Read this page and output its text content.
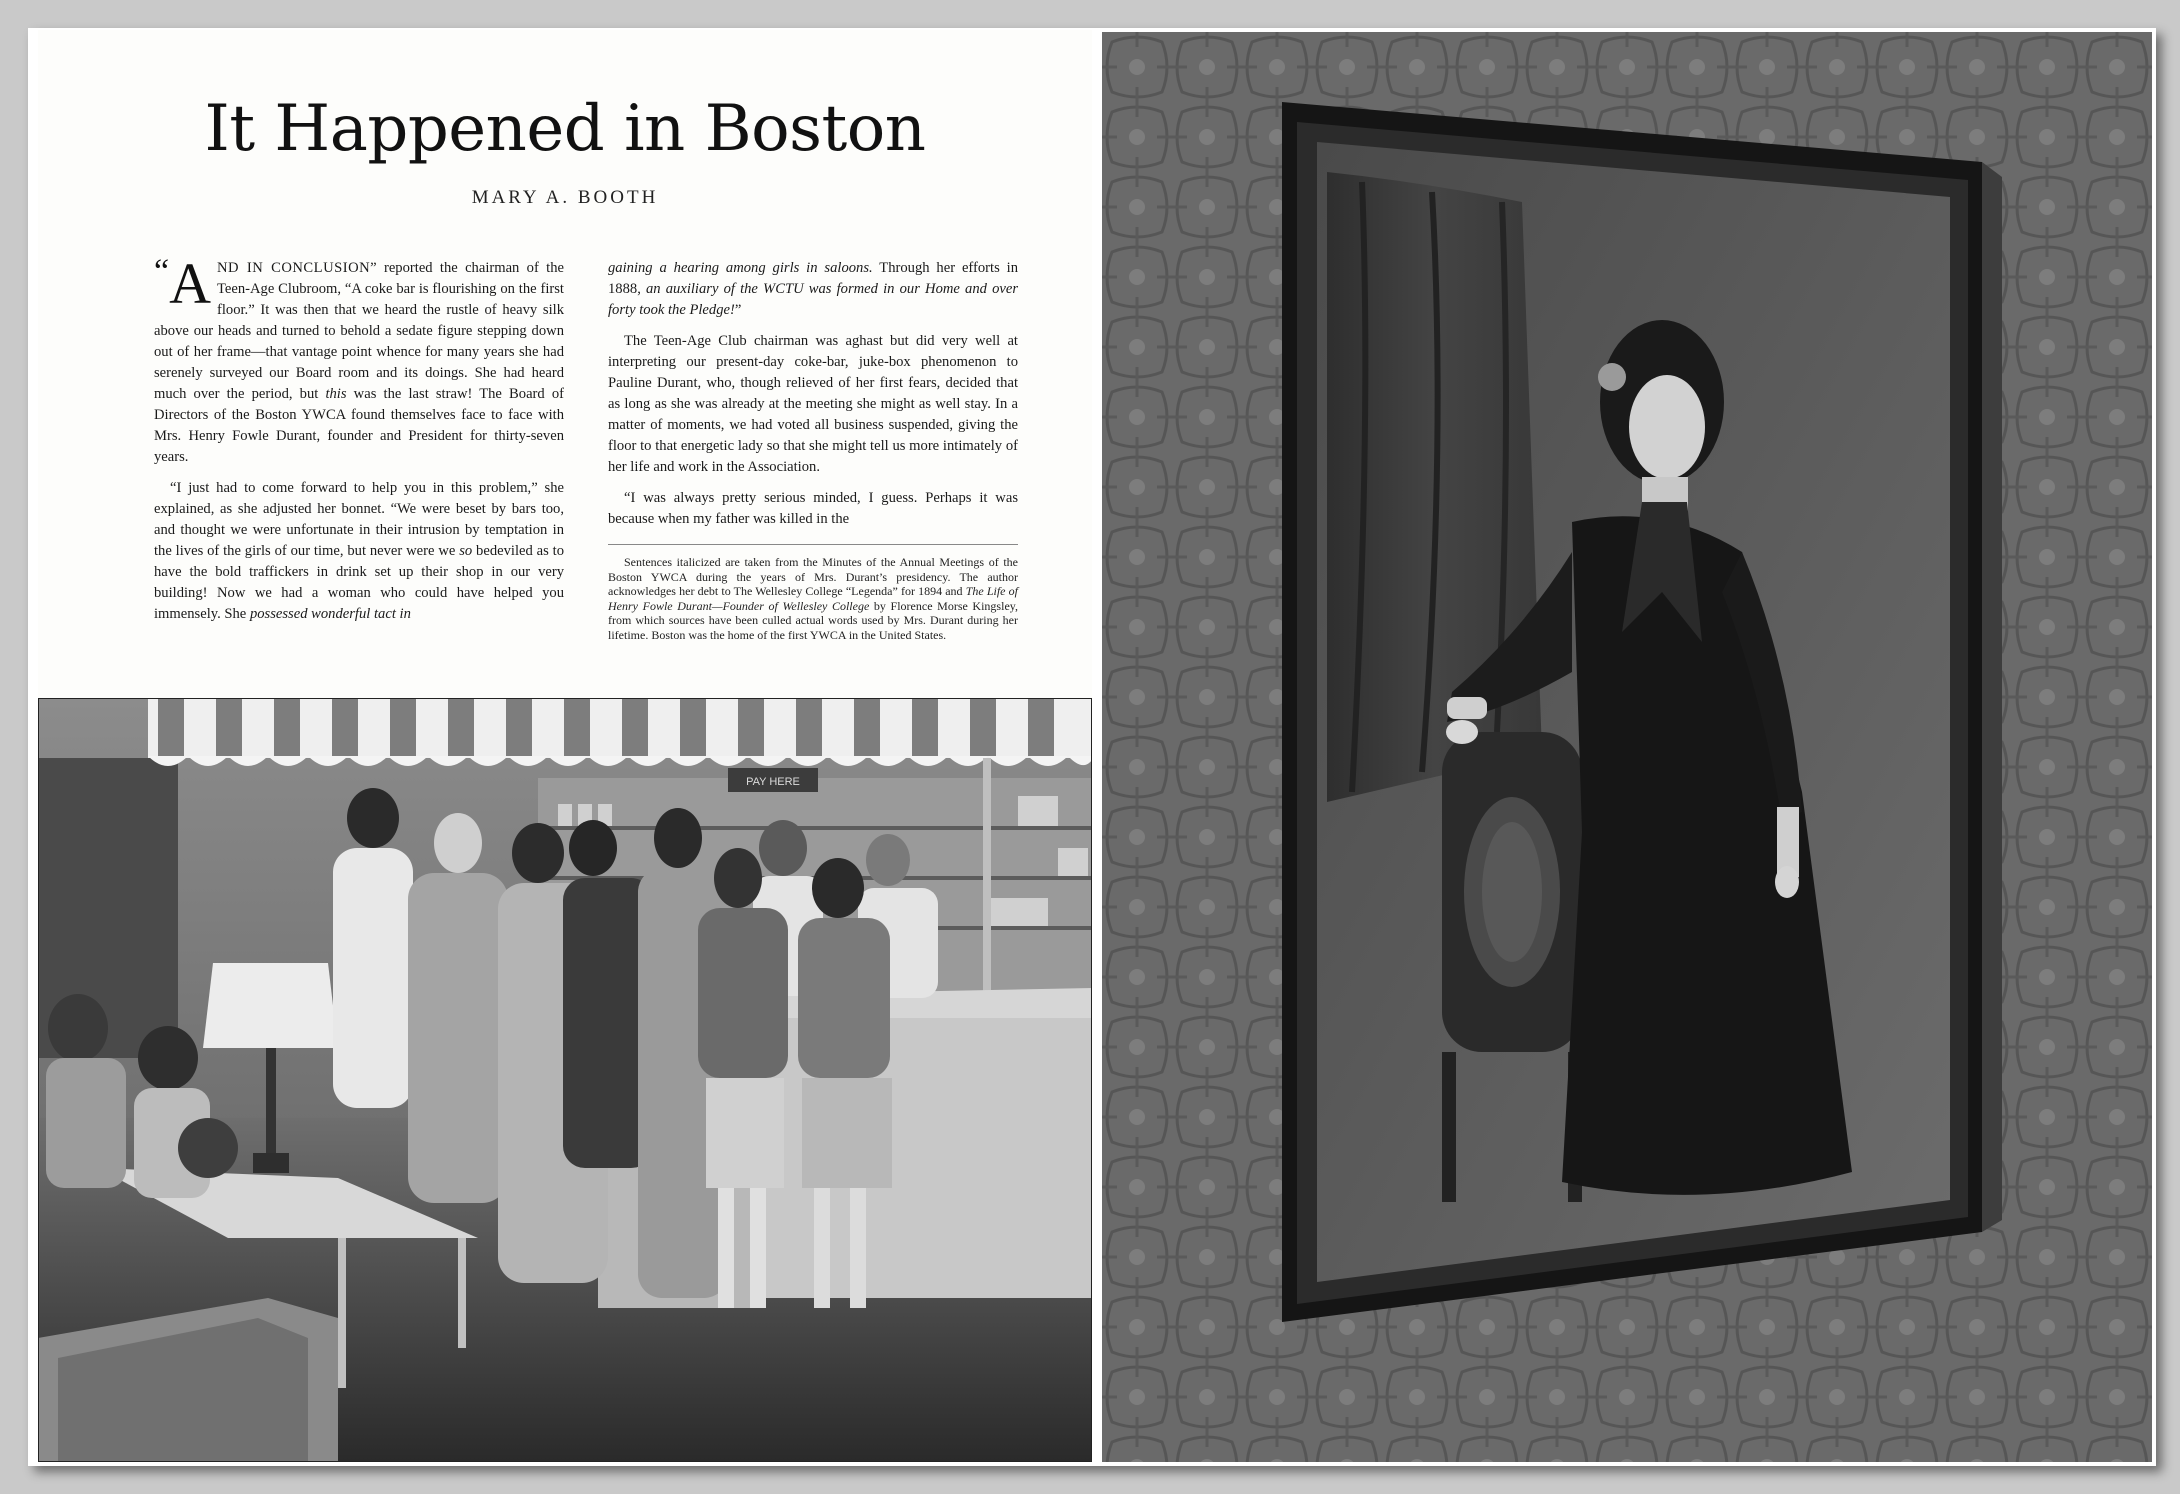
It Happened in Boston
MARY A. BOOTH

“A ND IN CONCLUSION” reported the chairman of the Teen-Age Clubroom, “A coke bar is flourishing on the first floor.” It was then that we heard the rustle of heavy silk above our heads and turned to behold a sedate figure stepping down out of her frame—that vantage point whence for many years she had serenely surveyed our Board room and its doings. She had heard much over the period, but this was the last straw! The Board of Directors of the Boston YWCA found themselves face to face with Mrs. Henry Fowle Durant, founder and President for thirty-seven years.

“I just had to come forward to help you in this problem,” she explained, as she adjusted her bonnet. “We were beset by bars too, and thought we were unfortunate in their intrusion by temptation in the lives of the girls of our time, but never were we so bedeviled as to have the bold traffickers in drink set up their shop in our very building! Now we had a woman who could have helped you immensely. She possessed wonderful tact in

gaining a hearing among girls in saloons. Through her efforts in 1888, an auxiliary of the WCTU was formed in our Home and over forty took the Pledge!”

The Teen-Age Club chairman was aghast but did very well at interpreting our present-day coke-bar, juke-box phenomenon to Pauline Durant, who, though relieved of her first fears, decided that as long as she was already at the meeting she might as well stay. In a matter of moments, we had voted all business suspended, giving the floor to that energetic lady so that she might tell us more intimately of her life and work in the Association.

“I was always pretty serious minded, I guess. Perhaps it was because when my father was killed in the

Sentences italicized are taken from the Minutes of the Annual Meetings of the Boston YWCA during the years of Mrs. Durant’s presidency. The author acknowledges her debt to The Wellesley College “Legenda” for 1894 and The Life of Henry Fowle Durant—Founder of Wellesley College by Florence Morse Kingsley, from which sources have been culled actual words used by Mrs. Durant during her lifetime. Boston was the home of the first YWCA in the United States.

PAY HERE
